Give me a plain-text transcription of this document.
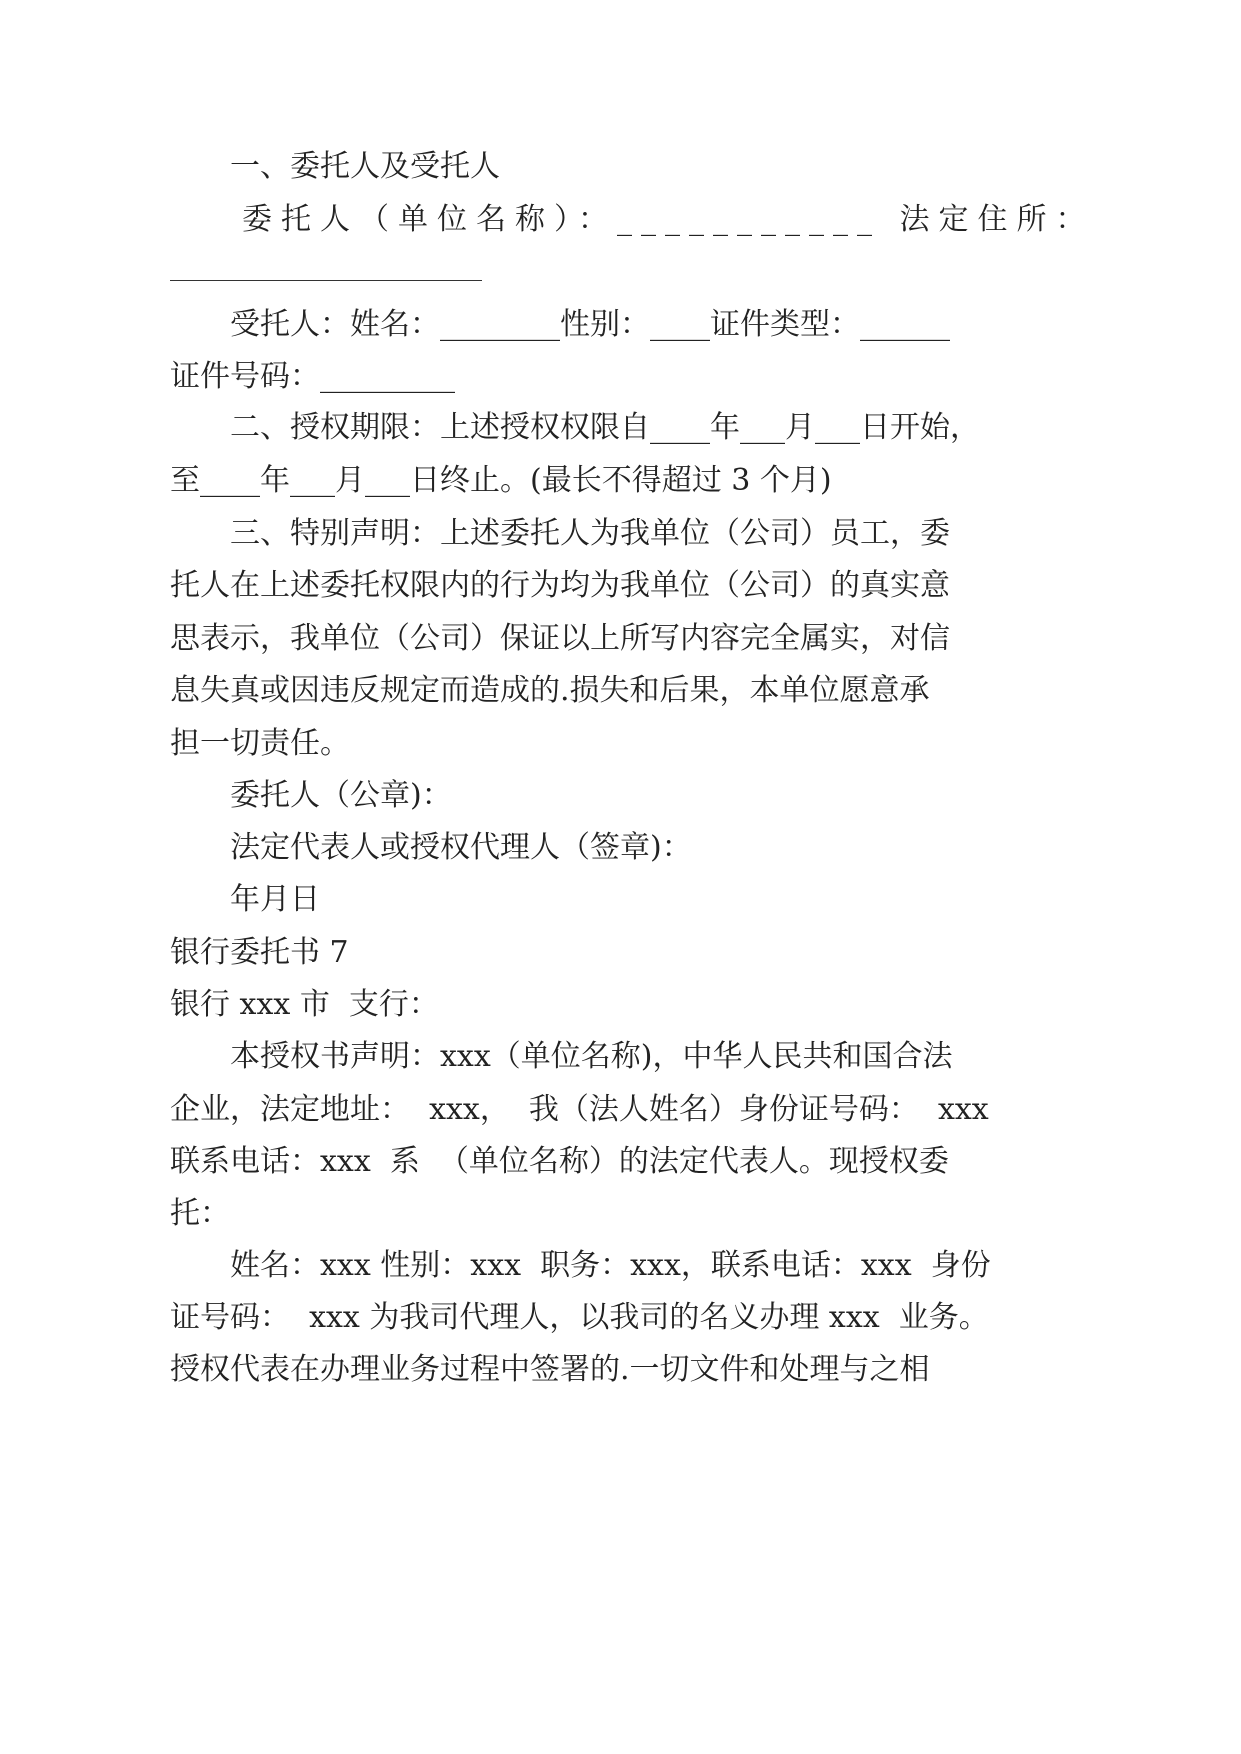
一、委托人及受托人
委托人（单位名称）：___________ 法定住所：
受托人：姓名：________性别：____证件类型：______
证件号码：_________
二、授权期限：上述授权权限自____年___月___日开始，
至____年___月___日终止。(最长不得超过 3 个月)
三、特别声明：上述委托人为我单位（公司）员工，委
托人在上述委托权限内的行为均为我单位（公司）的真实意
思表示，我单位（公司）保证以上所写内容完全属实，对信
息失真或因违反规定而造成的.损失和后果，本单位愿意承
担一切责任。
委托人（公章)：
法定代表人或授权代理人（签章)：
年月日
银行委托书 7
银行 xxx 市  支行：
本授权书声明：xxx（单位名称)，中华人民共和国合法
企业，法定地址：  xxx，  我（法人姓名）身份证号码：  xxx
联系电话：xxx  系  （单位名称）的法定代表人。现授权委
托：
姓名：xxx 性别：xxx  职务：xxx，联系电话：xxx  身份
证号码：  xxx 为我司代理人，以我司的名义办理 xxx  业务。
授权代表在办理业务过程中签署的.一切文件和处理与之相
